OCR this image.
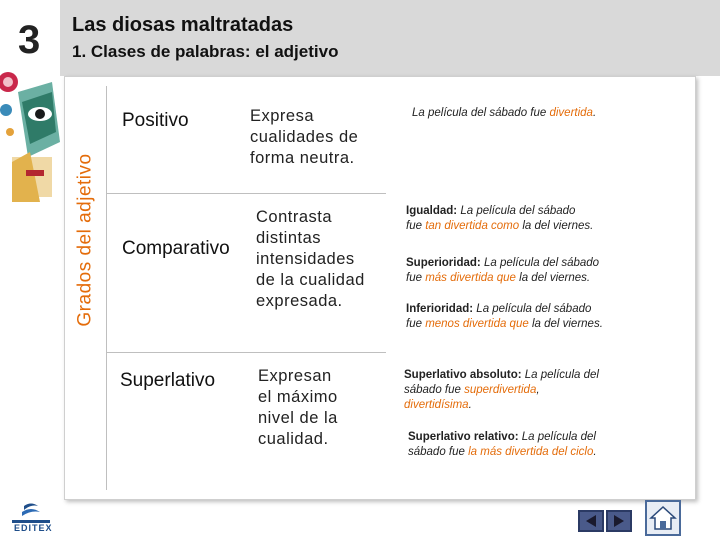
3 Las diosas maltratadas
1. Clases de palabras: el adjetivo
Grados del adjetivo
Positivo	Expresa
cualidades de
forma neutra.
La película del sábado fue divertida.
Comparativo
Contrasta
distintas
intensidades
de la cualidad
expresada.
Igualdad: La película del sábado
fue tan divertida como la del viernes.
Superioridad: La película del sábado
fue más divertida que la del viernes.
Inferioridad: La película del sábado
fue menos divertida que la del viernes.
Superlativo	Expresan
el máximo
nivel de la
cualidad.
Superlativo absoluto: La película del
sábado fue superdivertida,
divertidísima.
Superlativo relativo: La película del
sábado fue la más divertida del ciclo.
EDITEX
